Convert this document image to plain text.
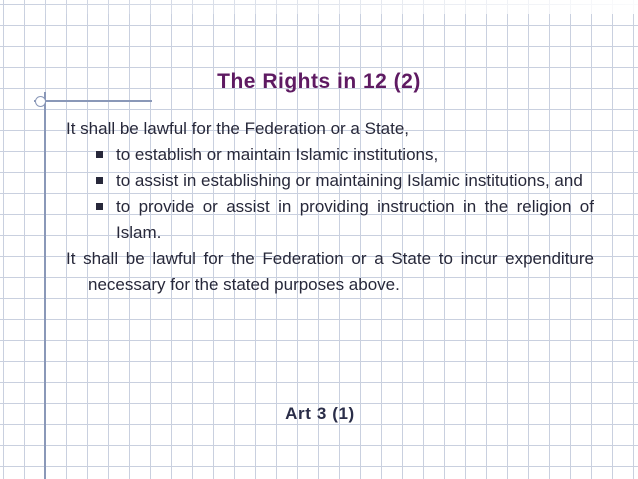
The Rights in 12 (2)

It shall be lawful for the Federation or a State,

to establish or maintain Islamic institutions,
to assist in establishing or maintaining Islamic institutions, and
to provide or assist in providing instruction in the religion of Islam.

It shall be lawful for the Federation or a State to incur expenditure necessary for the stated purposes above.

Art 3 (1)
